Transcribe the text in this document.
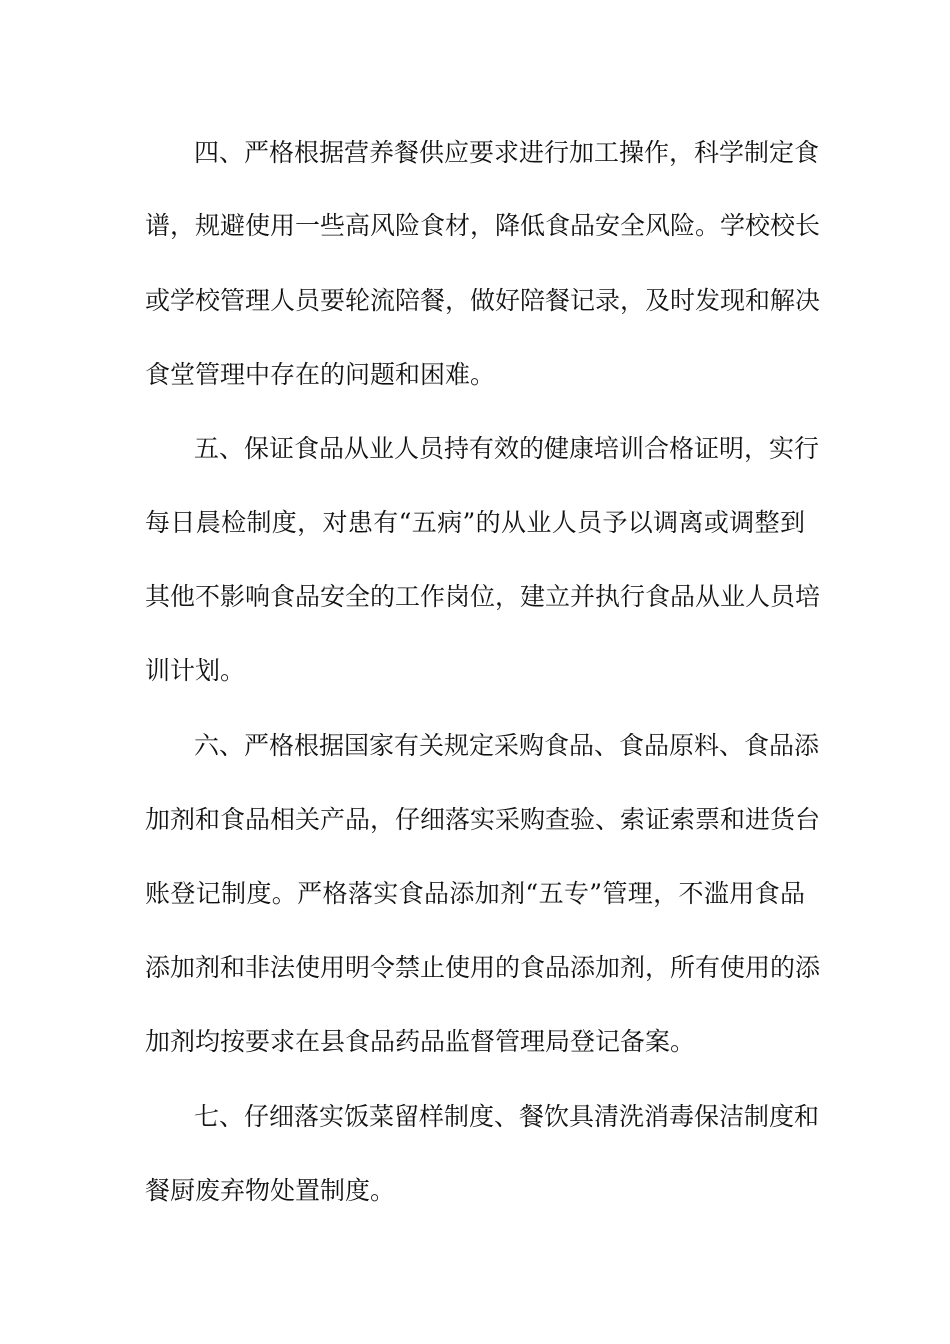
四、严格根据营养餐供应要求进行加工操作，科学制定食
谱，规避使用一些高风险食材，降低食品安全风险。学校校长
或学校管理人员要轮流陪餐，做好陪餐记录，及时发现和解决
食堂管理中存在的问题和困难。
五、保证食品从业人员持有效的健康培训合格证明，实行
每日晨检制度，对患有“五病”的从业人员予以调离或调整到
其他不影响食品安全的工作岗位，建立并执行食品从业人员培
训计划。
六、严格根据国家有关规定采购食品、食品原料、食品添
加剂和食品相关产品，仔细落实采购查验、索证索票和进货台
账登记制度。严格落实食品添加剂“五专”管理，不滥用食品
添加剂和非法使用明令禁止使用的食品添加剂，所有使用的添
加剂均按要求在县食品药品监督管理局登记备案。
七、仔细落实饭菜留样制度、餐饮具清洗消毒保洁制度和
餐厨废弃物处置制度。
